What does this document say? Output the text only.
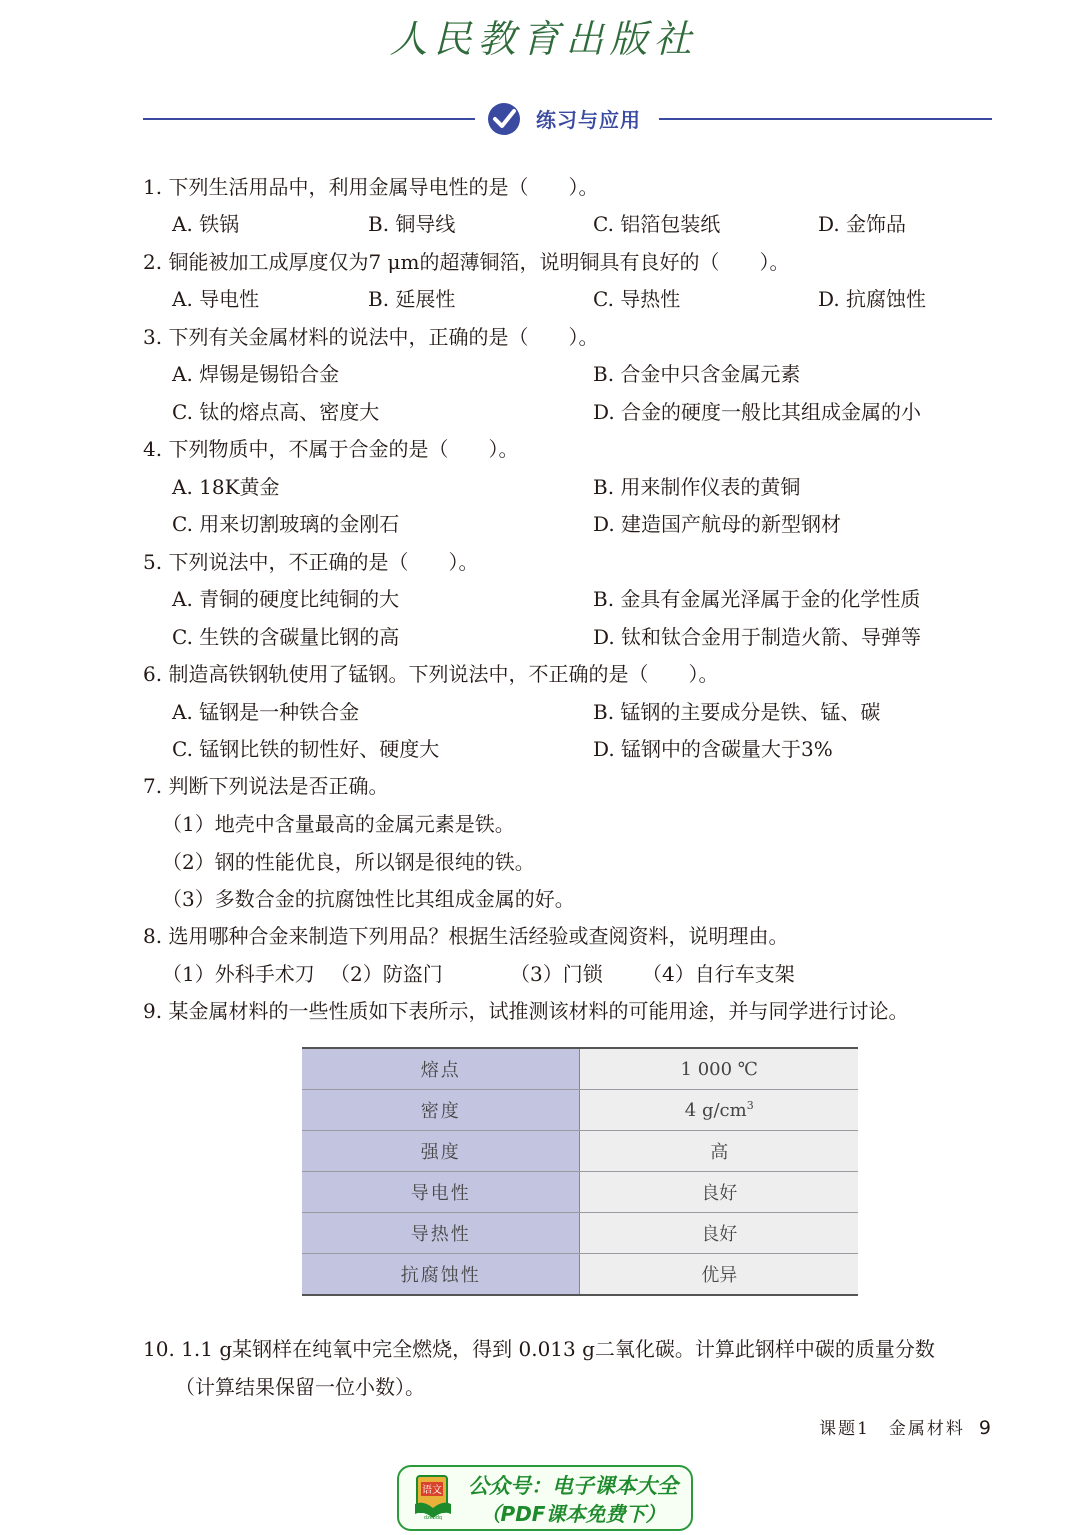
人民教育出版社
练习与应用
1. 下列生活用品中，利用金属导电性的是（　　）。
A. 铁锅	B. 铜导线	C. 铝箔包装纸	D. 金饰品
2. 铜能被加工成厚度仅为7 μm的超薄铜箔，说明铜具有良好的（　　）。
A. 导电性	B. 延展性	C. 导热性	D. 抗腐蚀性
3. 下列有关金属材料的说法中，正确的是（　　）。
A. 焊锡是锡铅合金	B. 合金中只含金属元素
C. 钛的熔点高、密度大	D. 合金的硬度一般比其组成金属的小
4. 下列物质中，不属于合金的是（　　）。
A. 18K黄金	B. 用来制作仪表的黄铜
C. 用来切割玻璃的金刚石	D. 建造国产航母的新型钢材
5. 下列说法中，不正确的是（　　）。
A. 青铜的硬度比纯铜的大	B. 金具有金属光泽属于金的化学性质
C. 生铁的含碳量比钢的高	D. 钛和钛合金用于制造火箭、导弹等
6. 制造高铁钢轨使用了锰钢。下列说法中，不正确的是（　　）。
A. 锰钢是一种铁合金	B. 锰钢的主要成分是铁、锰、碳
C. 锰钢比铁的韧性好、硬度大	D. 锰钢中的含碳量大于3%
7. 判断下列说法是否正确。
（1）地壳中含量最高的金属元素是铁。
（2）钢的性能优良，所以钢是很纯的铁。
（3）多数合金的抗腐蚀性比其组成金属的好。
8. 选用哪种合金来制造下列用品？根据生活经验或查阅资料，说明理由。
（1）外科手术刀 （2）防盗门	（3）门锁 （4）自行车支架
9. 某金属材料的一些性质如下表所示，试推测该材料的可能用途，并与同学进行讨论。
熔点	1 000 ℃
密度	4 $g/cm^3$
强度	高
导电性	良好
导热性	良好
抗腐蚀性	优异
10. 1.1 g某钢样在纯氧中完全燃烧，得到 0.013 g二氧化碳。计算此钢样中碳的质量分数
（计算结果保留一位小数）。
课题1　金属材料 9
语文
dzkbdq
公众号：电子课本大全
（PDF课本免费下）
